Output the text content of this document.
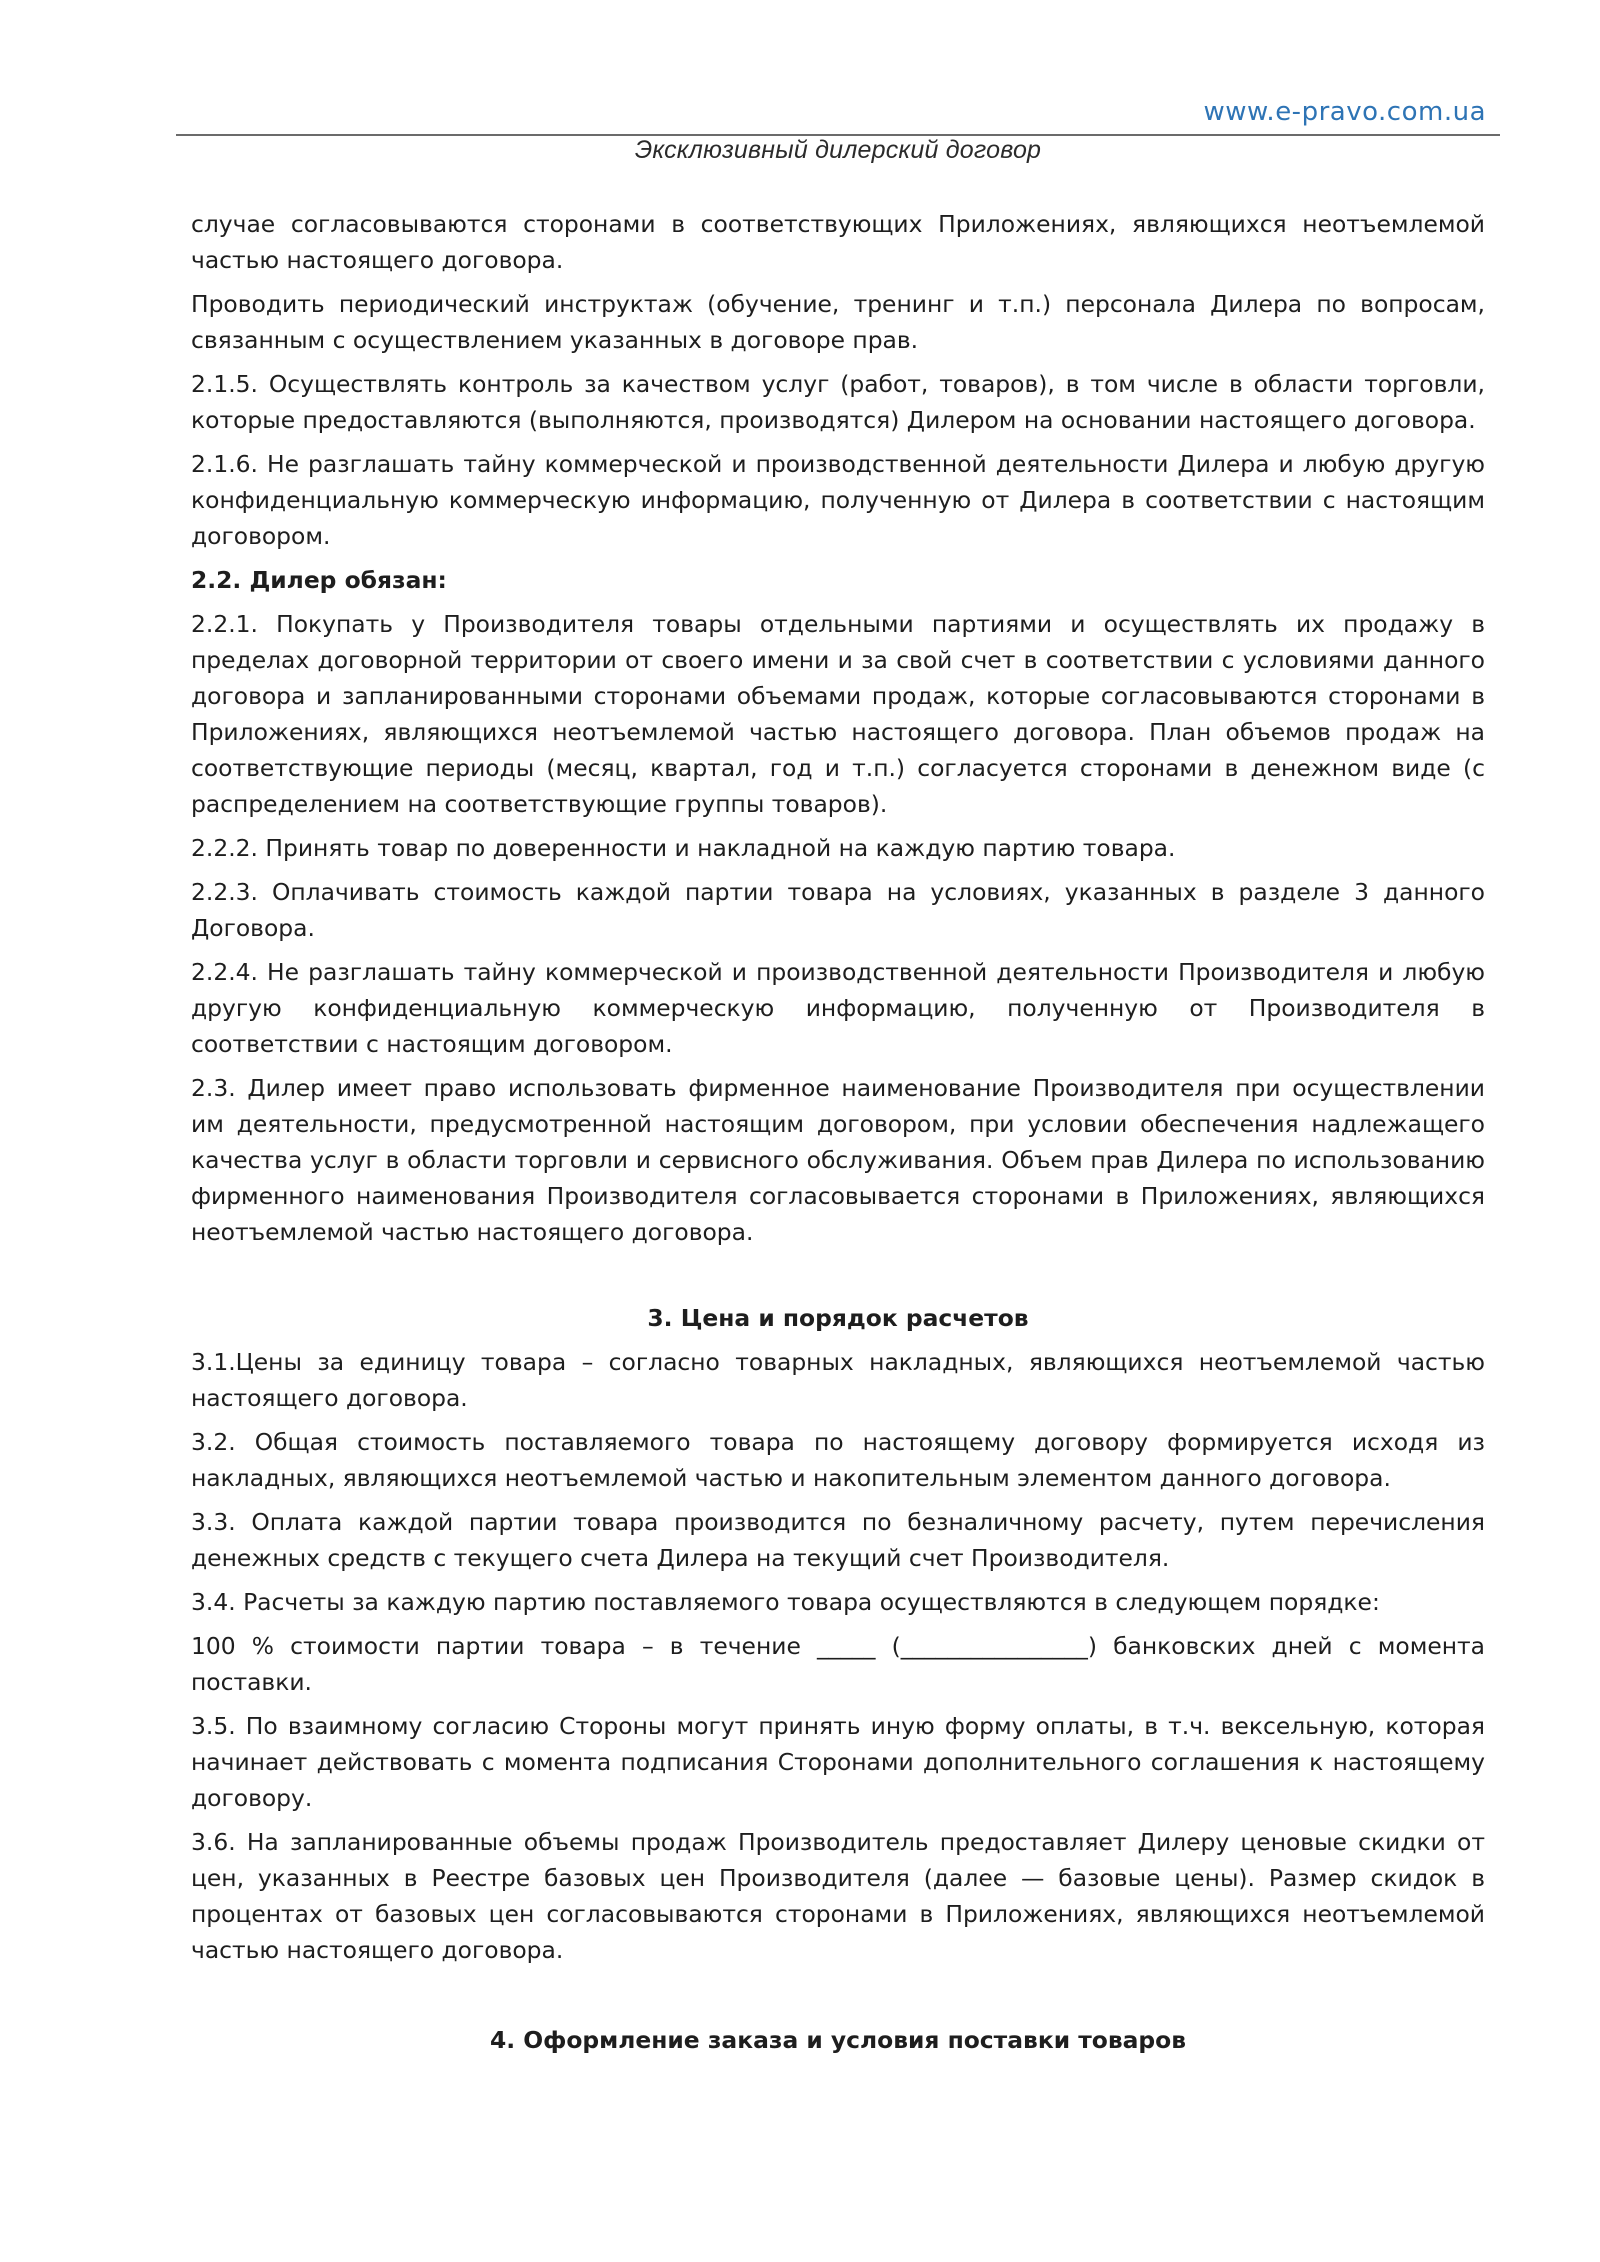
www.e-pravo.com.ua
Эксклюзивный дилерский договор

случае согласовываются сторонами в соответствующих Приложениях, являющихся неотъемлемой частью настоящего договора.

Проводить периодический инструктаж (обучение, тренинг и т.п.) персонала Дилера по вопросам, связанным с осуществлением указанных в договоре прав.

2.1.5. Осуществлять контроль за качеством услуг (работ, товаров), в том числе в области торговли, которые предоставляются (выполняются, производятся) Дилером на основании настоящего договора.

2.1.6. Не разглашать тайну коммерческой и производственной деятельности Дилера и любую другую конфиденциальную коммерческую информацию, полученную от Дилера в соответствии с настоящим договором.

2.2. Дилер обязан:

2.2.1. Покупать у Производителя товары отдельными партиями и осуществлять их продажу в пределах договорной территории от своего имени и за свой счет в соответствии с условиями данного договора и запланированными сторонами объемами продаж, которые согласовываются сторонами в Приложениях, являющихся неотъемлемой частью настоящего договора. План объемов продаж на соответствующие периоды (месяц, квартал, год и т.п.) согласуется сторонами в денежном виде (с распределением на соответствующие группы товаров).

2.2.2. Принять товар по доверенности и накладной на каждую партию товара.

2.2.3. Оплачивать стоимость каждой партии товара на условиях, указанных в разделе 3 данного Договора.

2.2.4. Не разглашать тайну коммерческой и производственной деятельности Производителя и любую другую конфиденциальную коммерческую информацию, полученную от Производителя в соответствии с настоящим договором.

2.3. Дилер имеет право использовать фирменное наименование Производителя при осуществлении им деятельности, предусмотренной настоящим договором, при условии обеспечения надлежащего качества услуг в области торговли и сервисного обслуживания. Объем прав Дилера по использованию фирменного наименования Производителя согласовывается сторонами в Приложениях, являющихся неотъемлемой частью настоящего договора.

3. Цена и порядок расчетов

3.1.Цены за единицу товара – согласно товарных накладных, являющихся неотъемлемой частью настоящего договора.

3.2. Общая стоимость поставляемого товара по настоящему договору формируется исходя из накладных, являющихся неотъемлемой частью и накопительным элементом данного договора.

3.3. Оплата каждой партии товара производится по безналичному расчету, путем перечисления денежных средств с текущего счета Дилера на текущий счет Производителя.

3.4. Расчеты за каждую партию поставляемого товара осуществляются в следующем порядке:

100 % стоимости партии товара – в течение _____ (________________) банковских дней с момента поставки.

3.5. По взаимному согласию Стороны могут принять иную форму оплаты, в т.ч. вексельную, которая начинает действовать с момента подписания Сторонами дополнительного соглашения к настоящему договору.

3.6. На запланированные объемы продаж Производитель предоставляет Дилеру ценовые скидки от цен, указанных в Реестре базовых цен Производителя (далее — базовые цены). Размер скидок в процентах от базовых цен согласовываются сторонами в Приложениях, являющихся неотъемлемой частью настоящего договора.

4. Оформление заказа и условия поставки товаров
